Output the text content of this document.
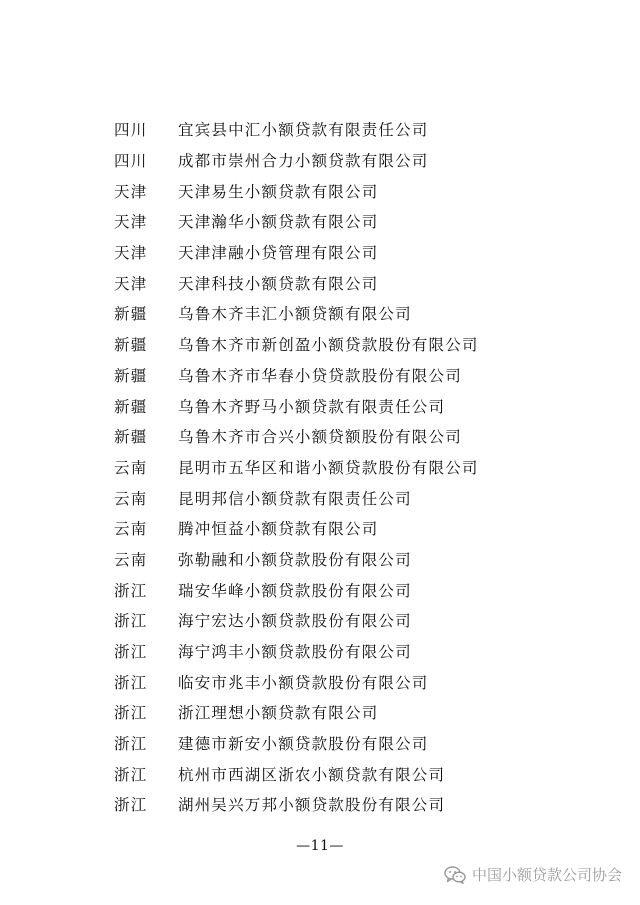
四川	宜宾县中汇小额贷款有限责任公司
四川	成都市崇州合力小额贷款有限公司
天津	天津易生小额贷款有限公司
天津	天津瀚华小额贷款有限公司
天津	天津津融小贷管理有限公司
天津	天津科技小额贷款有限公司
新疆	乌鲁木齐丰汇小额贷额有限公司
新疆	乌鲁木齐市新创盈小额贷款股份有限公司
新疆	乌鲁木齐市华春小贷贷款股份有限公司
新疆	乌鲁木齐野马小额贷款有限责任公司
新疆	乌鲁木齐市合兴小额贷额股份有限公司
云南	昆明市五华区和谐小额贷款股份有限公司
云南	昆明邦信小额贷款有限责任公司
云南	腾冲恒益小额贷款有限公司
云南	弥勒融和小额贷款股份有限公司
浙江	瑞安华峰小额贷款股份有限公司
浙江	海宁宏达小额贷款股份有限公司
浙江	海宁鸿丰小额贷款股份有限公司
浙江	临安市兆丰小额贷款股份有限公司
浙江	浙江理想小额贷款有限公司
浙江	建德市新安小额贷款股份有限公司
浙江	杭州市西湖区浙农小额贷款有限公司
浙江	湖州吴兴万邦小额贷款股份有限公司
—11—
中国小额贷款公司协会
